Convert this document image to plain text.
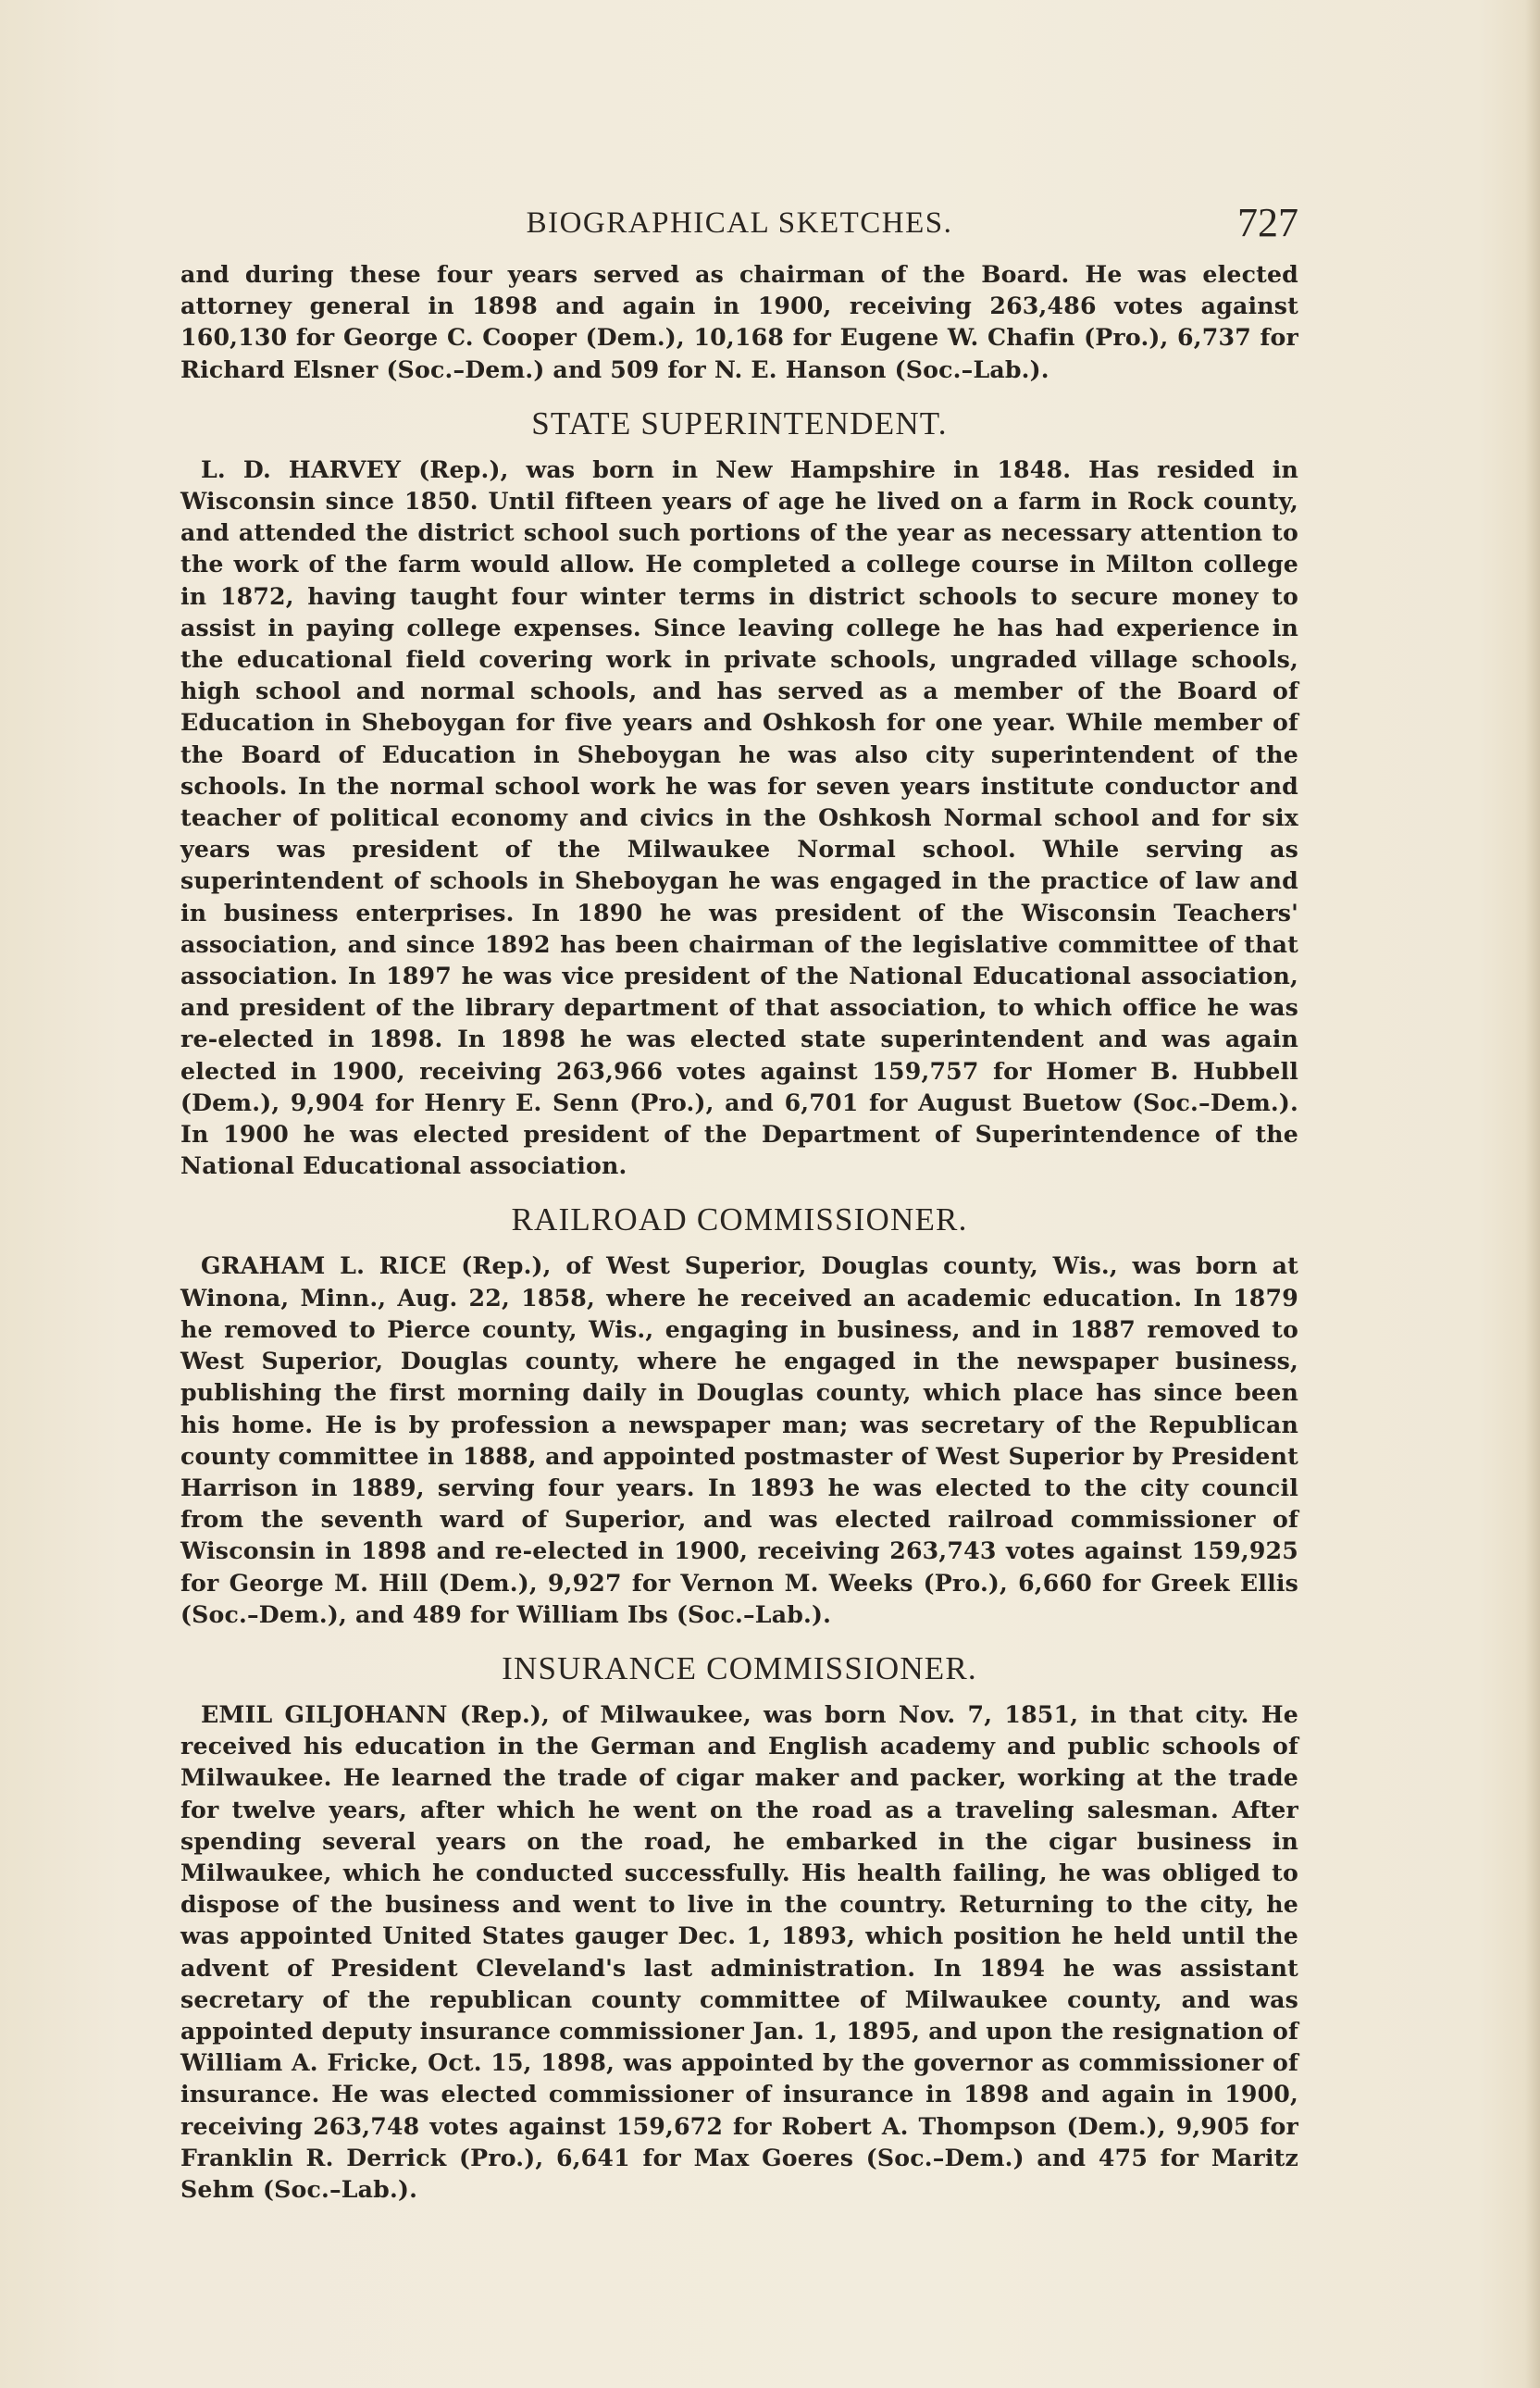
BIOGRAPHICAL SKETCHES.	727

and during these four years served as chairman of the Board. He was elected attorney general in 1898 and again in 1900, receiving 263,486 votes against 160,130 for George C. Cooper (Dem.), 10,168 for Eugene W. Chafin (Pro.), 6,737 for Richard Elsner (Soc.–Dem.) and 509 for N. E. Hanson (Soc.–Lab.).

STATE SUPERINTENDENT.

L. D. HARVEY (Rep.), was born in New Hampshire in 1848. Has resided in Wisconsin since 1850. Until fifteen years of age he lived on a farm in Rock county, and attended the district school such portions of the year as necessary attention to the work of the farm would allow. He completed a college course in Milton college in 1872, having taught four winter terms in district schools to secure money to assist in paying college expenses. Since leaving college he has had experience in the educational field covering work in private schools, ungraded village schools, high school and normal schools, and has served as a member of the Board of Education in Sheboygan for five years and Oshkosh for one year. While member of the Board of Education in Sheboygan he was also city superintendent of the schools. In the normal school work he was for seven years institute conductor and teacher of political economy and civics in the Oshkosh Normal school and for six years was president of the Milwaukee Normal school. While serving as superintendent of schools in Sheboygan he was engaged in the practice of law and in business enterprises. In 1890 he was president of the Wisconsin Teachers' association, and since 1892 has been chairman of the legislative committee of that association. In 1897 he was vice president of the National Educational association, and president of the library department of that association, to which office he was re-elected in 1898. In 1898 he was elected state superintendent and was again elected in 1900, receiving 263,966 votes against 159,757 for Homer B. Hubbell (Dem.), 9,904 for Henry E. Senn (Pro.), and 6,701 for August Buetow (Soc.–Dem.). In 1900 he was elected president of the Department of Superintendence of the National Educational association.

RAILROAD COMMISSIONER.

GRAHAM L. RICE (Rep.), of West Superior, Douglas county, Wis., was born at Winona, Minn., Aug. 22, 1858, where he received an academic education. In 1879 he removed to Pierce county, Wis., engaging in business, and in 1887 removed to West Superior, Douglas county, where he engaged in the newspaper business, publishing the first morning daily in Douglas county, which place has since been his home. He is by profession a newspaper man; was secretary of the Republican county committee in 1888, and appointed postmaster of West Superior by President Harrison in 1889, serving four years. In 1893 he was elected to the city council from the seventh ward of Superior, and was elected railroad commissioner of Wisconsin in 1898 and re-elected in 1900, receiving 263,743 votes against 159,925 for George M. Hill (Dem.), 9,927 for Vernon M. Weeks (Pro.), 6,660 for Greek Ellis (Soc.–Dem.), and 489 for William Ibs (Soc.–Lab.).

INSURANCE COMMISSIONER.

EMIL GILJOHANN (Rep.), of Milwaukee, was born Nov. 7, 1851, in that city. He received his education in the German and English academy and public schools of Milwaukee. He learned the trade of cigar maker and packer, working at the trade for twelve years, after which he went on the road as a traveling salesman. After spending several years on the road, he embarked in the cigar business in Milwaukee, which he conducted successfully. His health failing, he was obliged to dispose of the business and went to live in the country. Returning to the city, he was appointed United States gauger Dec. 1, 1893, which position he held until the advent of President Cleveland's last administration. In 1894 he was assistant secretary of the republican county committee of Milwaukee county, and was appointed deputy insurance commissioner Jan. 1, 1895, and upon the resignation of William A. Fricke, Oct. 15, 1898, was appointed by the governor as commissioner of insurance. He was elected commissioner of insurance in 1898 and again in 1900, receiving 263,748 votes against 159,672 for Robert A. Thompson (Dem.), 9,905 for Franklin R. Derrick (Pro.), 6,641 for Max Goeres (Soc.–Dem.) and 475 for Maritz Sehm (Soc.–Lab.).
